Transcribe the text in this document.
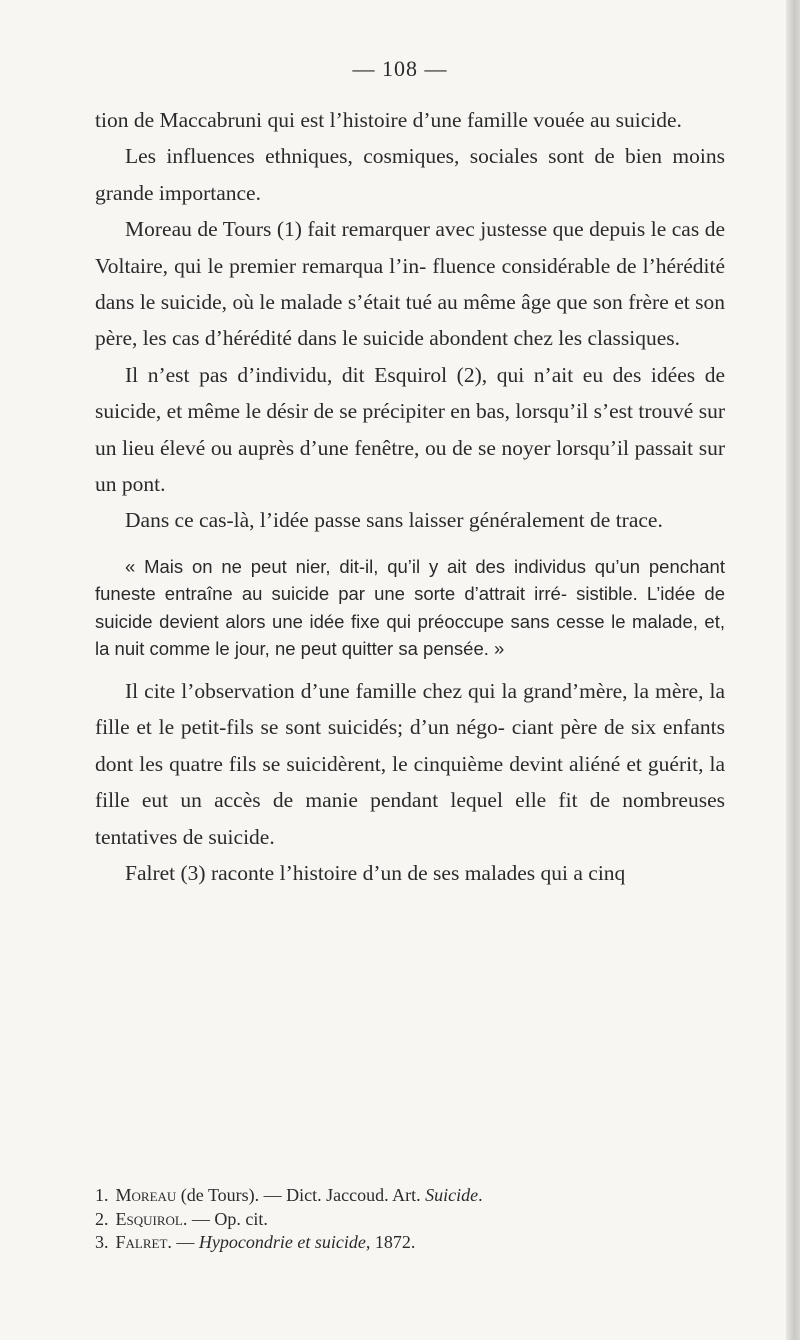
— 108 —

tion de Maccabruni qui est l’histoire d’une famille vouée au suicide.

Les influences ethniques, cosmiques, sociales sont de bien moins grande importance.

Moreau de Tours (1) fait remarquer avec justesse que depuis le cas de Voltaire, qui le premier remarqua l’in- fluence considérable de l’hérédité dans le suicide, où le malade s’était tué au même âge que son frère et son père, les cas d’hérédité dans le suicide abondent chez les classiques.

Il n’est pas d’individu, dit Esquirol (2), qui n’ait eu des idées de suicide, et même le désir de se précipiter en bas, lorsqu’il s’est trouvé sur un lieu élevé ou auprès d’une fenêtre, ou de se noyer lorsqu’il passait sur un pont.

Dans ce cas-là, l’idée passe sans laisser généralement de trace.

« Mais on ne peut nier, dit-il, qu’il y ait des individus qu’un penchant funeste entraîne au suicide par une sorte d’attrait irré- sistible. L’idée de suicide devient alors une idée fixe qui préoccupe sans cesse le malade, et, la nuit comme le jour, ne peut quitter sa pensée. »

Il cite l’observation d’une famille chez qui la grand’mère, la mère, la fille et le petit-fils se sont suicidés; d’un négo- ciant père de six enfants dont les quatre fils se suicidèrent, le cinquième devint aliéné et guérit, la fille eut un accès de manie pendant lequel elle fit de nombreuses tentatives de suicide.

Falret (3) raconte l’histoire d’un de ses malades qui a cinq

1. Moreau (de Tours). — Dict. Jaccoud. Art. Suicide.

2. Esquirol. — Op. cit.

3. Falret. — Hypocondrie et suicide, 1872.
